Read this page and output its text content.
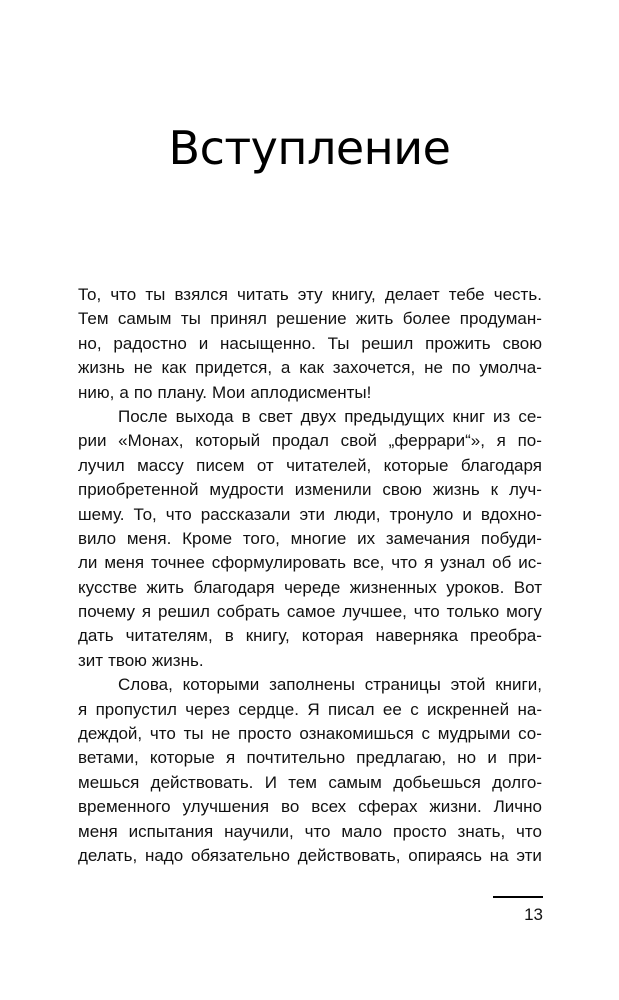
Вступление
То, что ты взялся читать эту книгу, делает тебе честь.
Тем самым ты принял решение жить более продуман-
но, радостно и насыщенно. Ты решил прожить свою
жизнь не как придется, а как захочется, не по умолча-
нию, а по плану. Мои аплодисменты!
После выхода в свет двух предыдущих книг из се-
рии «Монах, который продал свой „феррари“», я по-
лучил массу писем от читателей, которые благодаря
приобретенной мудрости изменили свою жизнь к луч-
шему. То, что рассказали эти люди, тронуло и вдохно-
вило меня. Кроме того, многие их замечания побуди-
ли меня точнее сформулировать все, что я узнал об ис-
кусстве жить благодаря череде жизненных уроков. Вот
почему я решил собрать самое лучшее, что только могу
дать читателям, в книгу, которая наверняка преобра-
зит твою жизнь.
Слова, которыми заполнены страницы этой книги,
я пропустил через сердце. Я писал ее с искренней на-
деждой, что ты не просто ознакомишься с мудрыми со-
ветами, которые я почтительно предлагаю, но и при-
мешься действовать. И тем самым добьешься долго-
временного улучшения во всех сферах жизни. Лично
меня испытания научили, что мало просто знать, что
делать, надо обязательно действовать, опираясь на эти
13
